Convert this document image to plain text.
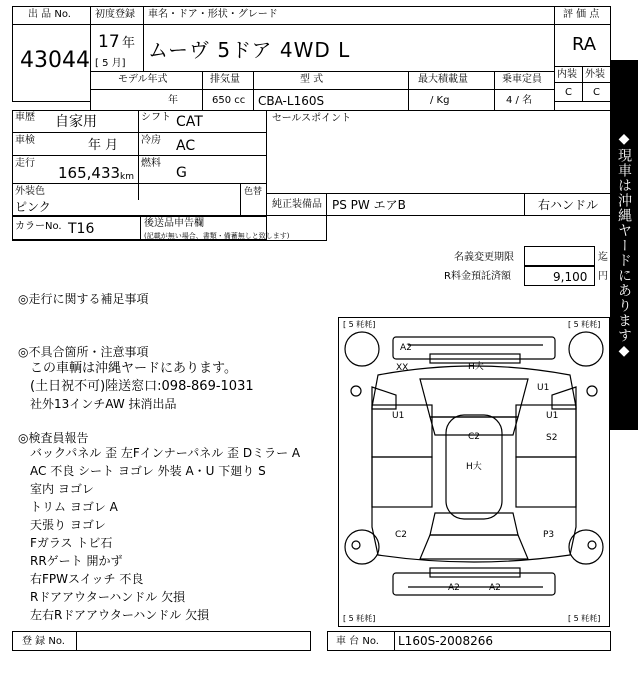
出 品 No.
43044
初度登録 車名・ドア・形状・グレード
17 年
[ 5 月]
ムーヴ 5ドア 4WD L
評 価 点
RA
内装 外装
C C
モデル年式	排気量	型 式	最大積載量	乗車定員
年	650 cc CBA-L160S	/ Kg	4 / 名
車歴 自家用	シフト CAT
車検	年 月 冷房 AC
走行
165,433 km
燃料
G
外装色
ピンク
色替
セールスポイント
純正装備品 PS PW エアB	右ハンドル
カラーNo. T16	後送品申告欄
(記載が無い場合、書類・備蓄無しと致します)	◆現車は沖縄ヤードにあります◆
名義変更期限	迄
R料金預託済額	9,100 円
◎走行に関する補足事項
◎不具合箇所・注意事項
この車輌は沖縄ヤードにあります。
(土日祝不可)陸送窓口:098-869-1031
社外13インチAW 抹消出品
◎検査員報告
バックパネル 歪 左Fインナーパネル 歪 Dミラー A
AC 不良 シート ヨゴレ 外装 A・U 下廻り S
室内 ヨゴレ
トリム ヨゴレ A
天張り ヨゴレ
Fガラス トビ石
RRゲート 開かず
右FPWスイッチ 不良
Rドアアウターハンドル 欠損
左右Rドアアウターハンドル 欠損
[ 5 粍耗]	[ 5 粍耗]
[ 5 粍耗]	[ 5 粍耗]
A2
XX	H大
U1
U1	U1
C2	S2
H大
C2	P3
A2	A2
登 録 No.	車 台 No. L160S-2008266
